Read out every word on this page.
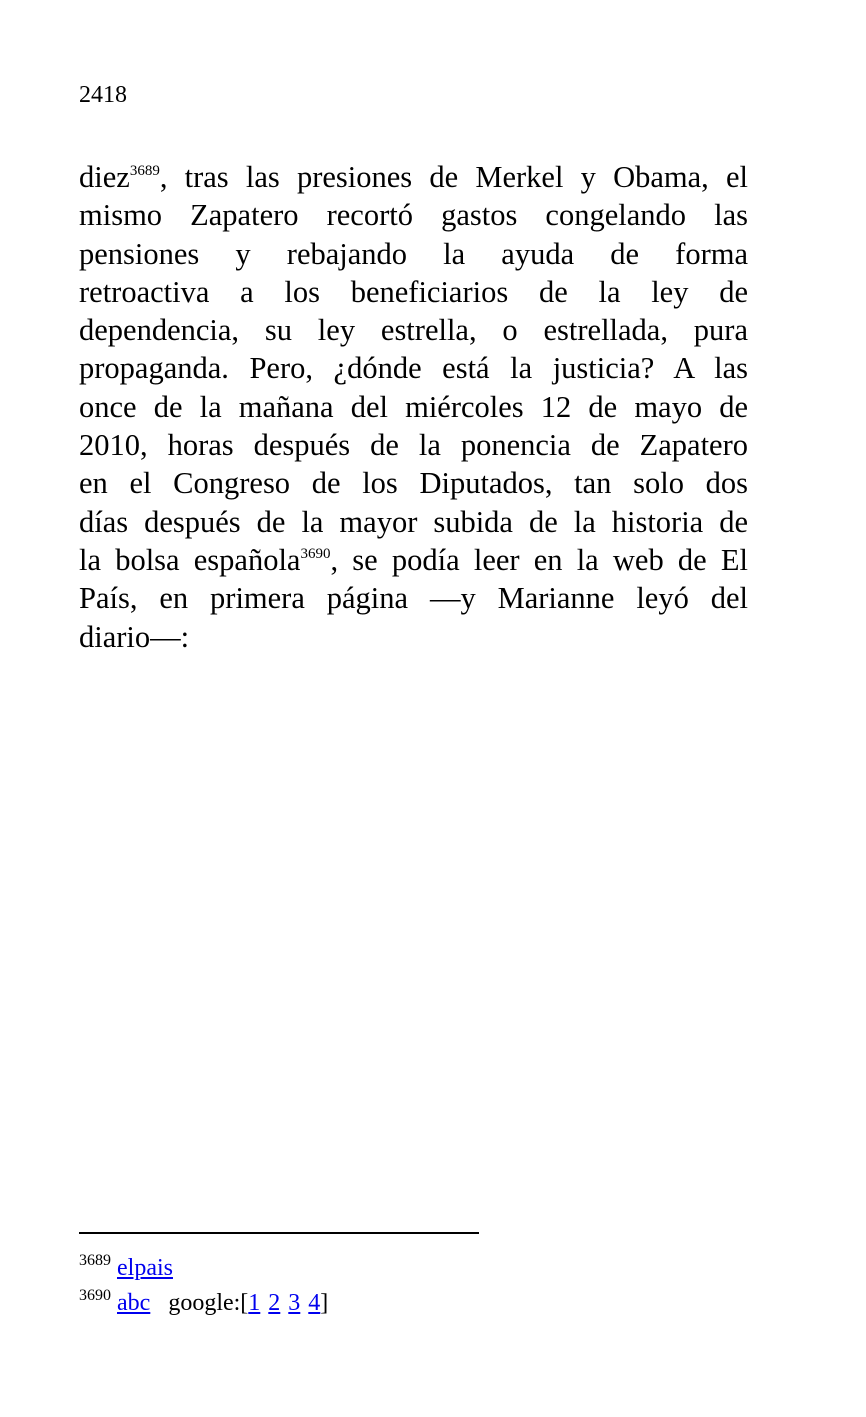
2418
diez$^{3689}$, tras las presiones de Merkel y Obama, el
mismo Zapatero recortó gastos congelando las
pensiones y rebajando la ayuda de forma
retroactiva a los beneficiarios de la ley de
dependencia, su ley estrella, o estrellada, pura
propaganda. Pero, ¿dónde está la justicia? A las
once de la mañana del miércoles 12 de mayo de
2010, horas después de la ponencia de Zapatero
en el Congreso de los Diputados, tan solo dos
días después de la mayor subida de la historia de
la bolsa española$^{3690}$, se podía leer en la web de El
País, en primera página ―y Marianne leyó del
diario―:
3689 elpais
3690 abc google:[ 1 2 3 4 ]
